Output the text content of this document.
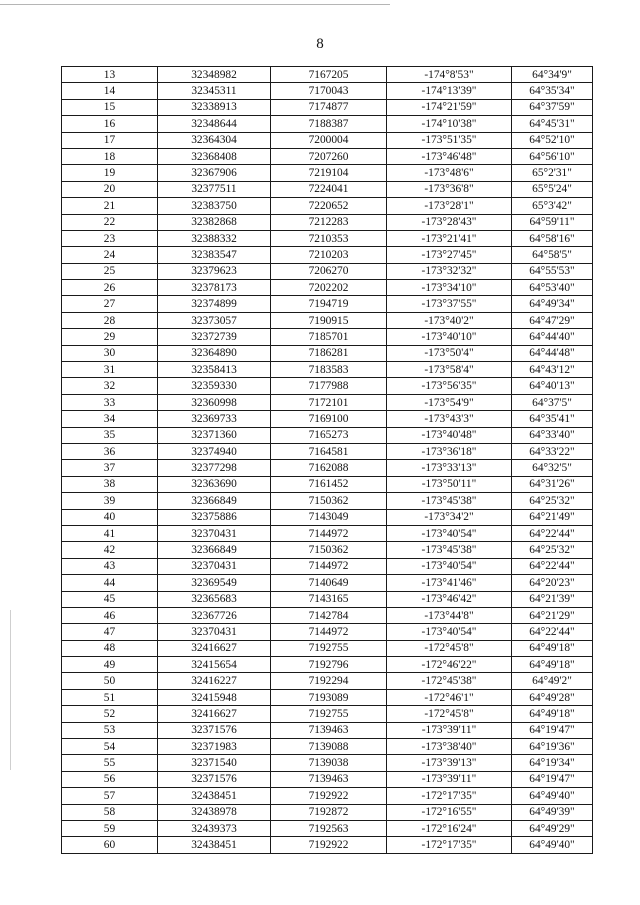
8
13	32348982	7167205	-174°8'53"	64°34'9"
14	32345311	7170043	-174°13'39"	64°35'34"
15	32338913	7174877	-174°21'59"	64°37'59"
16	32348644	7188387	-174°10'38"	64°45'31"
17	32364304	7200004	-173°51'35"	64°52'10"
18	32368408	7207260	-173°46'48"	64°56'10"
19	32367906	7219104	-173°48'6"	65°2'31"
20	32377511	7224041	-173°36'8"	65°5'24"
21	32383750	7220652	-173°28'1"	65°3'42"
22	32382868	7212283	-173°28'43"	64°59'11"
23	32388332	7210353	-173°21'41"	64°58'16"
24	32383547	7210203	-173°27'45"	64°58'5"
25	32379623	7206270	-173°32'32"	64°55'53"
26	32378173	7202202	-173°34'10"	64°53'40"
27	32374899	7194719	-173°37'55"	64°49'34"
28	32373057	7190915	-173°40'2"	64°47'29"
29	32372739	7185701	-173°40'10"	64°44'40"
30	32364890	7186281	-173°50'4"	64°44'48"
31	32358413	7183583	-173°58'4"	64°43'12"
32	32359330	7177988	-173°56'35"	64°40'13"
33	32360998	7172101	-173°54'9"	64°37'5"
34	32369733	7169100	-173°43'3"	64°35'41"
35	32371360	7165273	-173°40'48"	64°33'40"
36	32374940	7164581	-173°36'18"	64°33'22"
37	32377298	7162088	-173°33'13"	64°32'5"
38	32363690	7161452	-173°50'11"	64°31'26"
39	32366849	7150362	-173°45'38"	64°25'32"
40	32375886	7143049	-173°34'2"	64°21'49"
41	32370431	7144972	-173°40'54"	64°22'44"
42	32366849	7150362	-173°45'38"	64°25'32"
43	32370431	7144972	-173°40'54"	64°22'44"
44	32369549	7140649	-173°41'46"	64°20'23"
45	32365683	7143165	-173°46'42"	64°21'39"
46	32367726	7142784	-173°44'8"	64°21'29"
47	32370431	7144972	-173°40'54"	64°22'44"
48	32416627	7192755	-172°45'8"	64°49'18"
49	32415654	7192796	-172°46'22"	64°49'18"
50	32416227	7192294	-172°45'38"	64°49'2"
51	32415948	7193089	-172°46'1"	64°49'28"
52	32416627	7192755	-172°45'8"	64°49'18"
53	32371576	7139463	-173°39'11"	64°19'47"
54	32371983	7139088	-173°38'40"	64°19'36"
55	32371540	7139038	-173°39'13"	64°19'34"
56	32371576	7139463	-173°39'11"	64°19'47"
57	32438451	7192922	-172°17'35"	64°49'40"
58	32438978	7192872	-172°16'55"	64°49'39"
59	32439373	7192563	-172°16'24"	64°49'29"
60	32438451	7192922	-172°17'35"	64°49'40"
